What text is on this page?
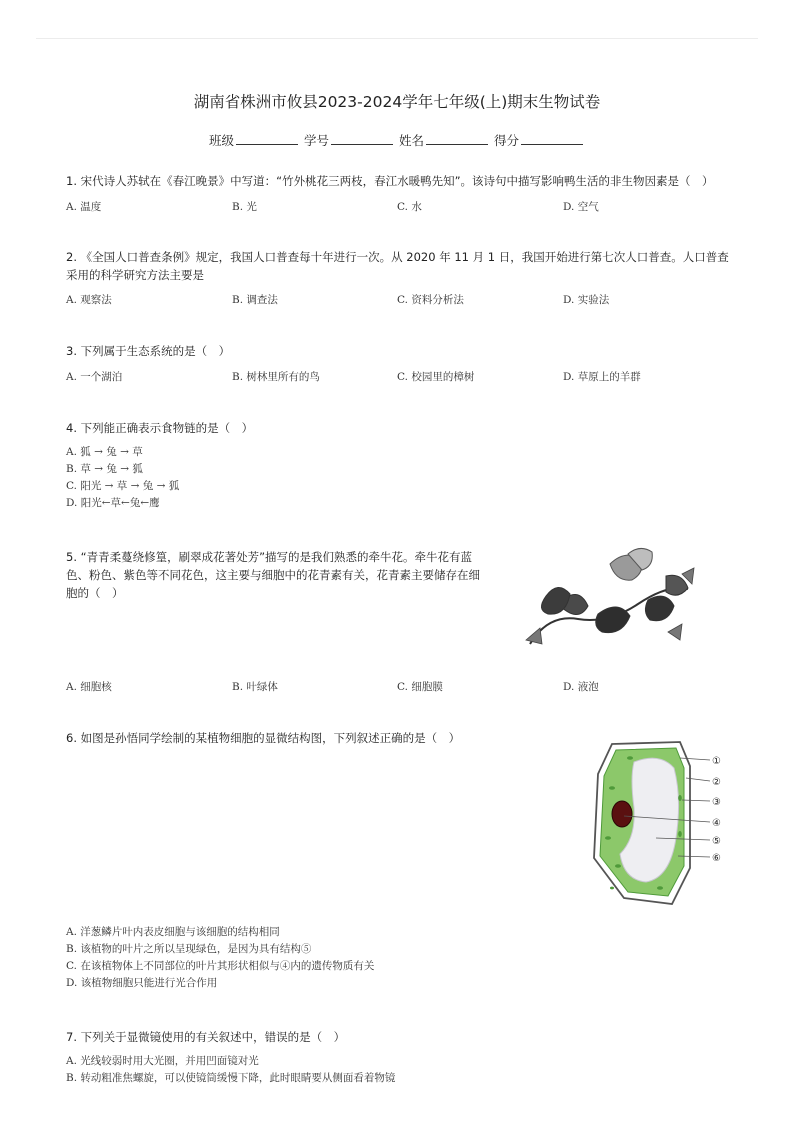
湖南省株洲市攸县2023-2024学年七年级(上)期末生物试卷
班级	学号	姓名	得分
1. 宋代诗人苏轼在《春江晚景》中写道：“竹外桃花三两枝，春江水暖鸭先知”。该诗句中描写影响鸭生活的非生物因素是（　）
A. 温度	B. 光	C. 水	D. 空气
2. 《全国人口普查条例》规定，我国人口普查每十年进行一次。从 2020 年 11 月 1 日，我国开始进行第七次人口普查。人口普查
采用的科学研究方法主要是
A. 观察法	B. 调查法	C. 资料分析法	D. 实验法
3. 下列属于生态系统的是（　）
A. 一个湖泊	B. 树林里所有的鸟	C. 校园里的樟树	D. 草原上的羊群
4. 下列能正确表示食物链的是（　）
A. 狐 → 兔 → 草
B. 草 → 兔 → 狐
C. 阳光 → 草 → 兔 → 狐
D. 阳光←草←兔←鹰
5. “青青柔蔓绕修篁，刷翠成花著处芳”描写的是我们熟悉的牵牛花。牵牛花有蓝
色、粉色、紫色等不同花色，这主要与细胞中的花青素有关，花青素主要储存在细
胞的（　）
A. 细胞核	B. 叶绿体	C. 细胞膜	D. 液泡
6. 如图是孙悟同学绘制的某植物细胞的显微结构图，下列叙述正确的是（　）
①
②
③
④
⑤
⑥
A. 洋葱鳞片叶内表皮细胞与该细胞的结构相同
B. 该植物的叶片之所以呈现绿色，是因为具有结构⑤
C. 在该植物体上不同部位的叶片其形状相似与④内的遗传物质有关
D. 该植物细胞只能进行光合作用
7. 下列关于显微镜使用的有关叙述中，错误的是（　）
A. 光线较弱时用大光圈，并用凹面镜对光
B. 转动粗准焦螺旋，可以使镜筒缓慢下降，此时眼睛要从侧面看着物镜
